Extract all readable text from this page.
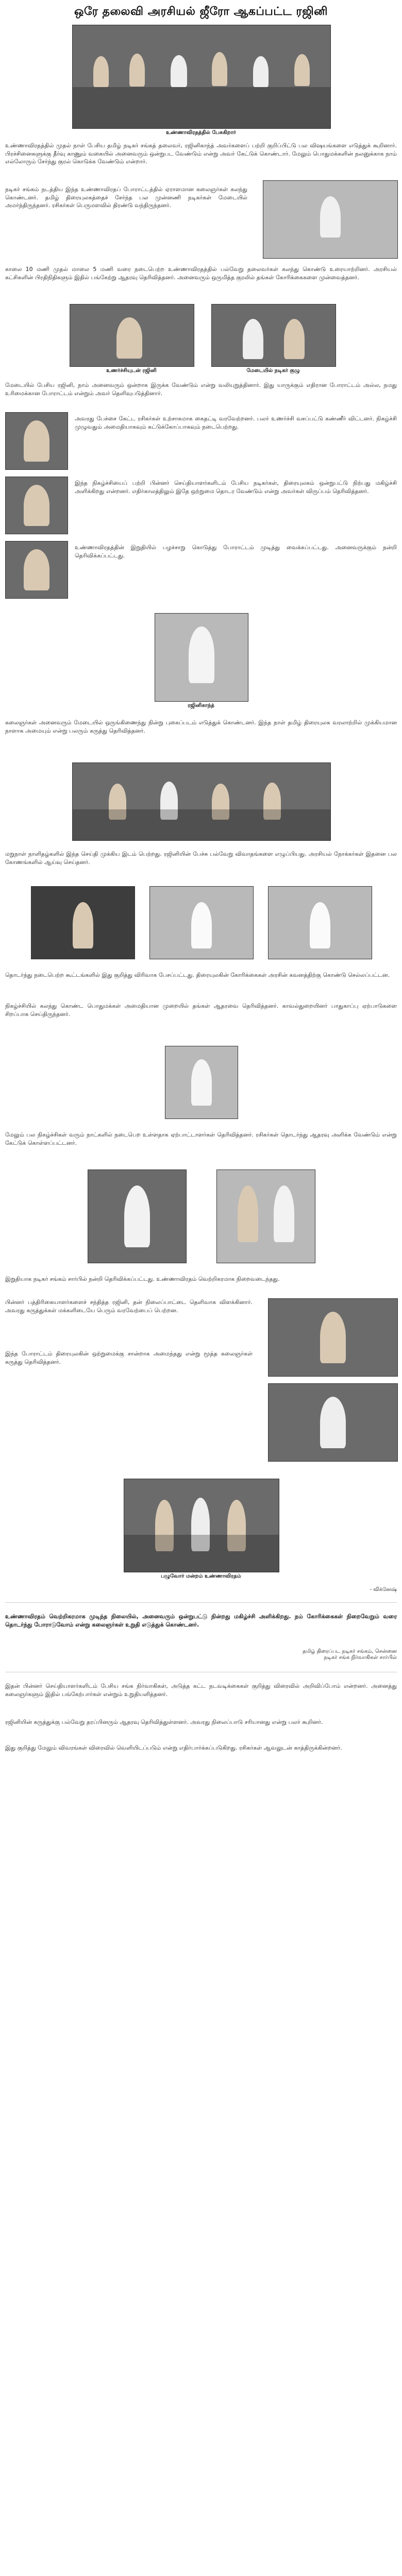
ஒரே தலைவி அரசியல் ஜீரோ ஆகப்பட்ட ரஜினி
உண்ணாவிரதத்தில் பேசுகிறார்
உண்ணாவிரதத்தில் முதல் நாள் பேசிய தமிழ் நடிகர் சங்கத் தலைவர், ரஜினிகாந்த் அவர்களைப் பற்றி குறிப்பிட்டு பல விஷயங்களை எடுத்துக் கூறினார். பிரச்சினைகளுக்கு தீர்வு காணும் வகையில் அனைவரும் ஒன்றுபட வேண்டும் என்று அவர் கேட்டுக் கொண்டார். மேலும் பொதுமக்களின் நலனுக்காக நாம் எல்லோரும் சேர்ந்து குரல் கொடுக்க வேண்டும் என்றார்.
நடிகர் சங்கம் நடத்திய இந்த உண்ணாவிரதப் போராட்டத்தில் ஏராளமான கலைஞர்கள் கலந்து கொண்டனர். தமிழ் திரையுலகத்தைச் சேர்ந்த பல முன்னணி நடிகர்கள் மேடையில் அமர்ந்திருந்தனர். ரசிகர்கள் பெருமளவில் திரண்டு வந்திருந்தனர்.
காலை 10 மணி முதல் மாலை 5 மணி வரை நடைபெற்ற உண்ணாவிரதத்தில் பல்வேறு தலைவர்கள் கலந்து கொண்டு உரையாற்றினர். அரசியல் கட்சிகளின் பிரதிநிதிகளும் இதில் பங்கேற்று ஆதரவு தெரிவித்தனர். அனைவரும் ஒருமித்த குரலில் தங்கள் கோரிக்கைகளை முன்வைத்தனர்.
உணர்ச்சியுடன் ரஜினி	மேடையில் நடிகர் குழு
மேடையில் பேசிய ரஜினி, நாம் அனைவரும் ஒன்றாக இருக்க வேண்டும் என்று வலியுறுத்தினார். இது யாருக்கும் எதிரான போராட்டம் அல்ல, நமது உரிமைக்கான போராட்டம் என்றும் அவர் தெளிவுபடுத்தினார்.
அவரது பேச்சை கேட்ட ரசிகர்கள் உற்சாகமாக கைதட்டி வரவேற்றனர். பலர் உணர்ச்சி வசப்பட்டு கண்ணீர் விட்டனர். நிகழ்ச்சி முழுவதும் அமைதியாகவும் கட்டுக்கோப்பாகவும் நடைபெற்றது.
இந்த நிகழ்ச்சியைப் பற்றி பின்னர் செய்தியாளர்களிடம் பேசிய நடிகர்கள், திரையுலகம் ஒன்றுபட்டு நிற்பது மகிழ்ச்சி அளிக்கிறது என்றனர். எதிர்காலத்திலும் இதே ஒற்றுமை தொடர வேண்டும் என்று அவர்கள் விருப்பம் தெரிவித்தனர்.
உண்ணாவிரதத்தின் இறுதியில் பழச்சாறு கொடுத்து போராட்டம் முடித்து வைக்கப்பட்டது. அனைவருக்கும் நன்றி தெரிவிக்கப்பட்டது.
ரஜினிகாந்த்
கலைஞர்கள் அனைவரும் மேடையில் ஒருங்கிணைந்து நின்று புகைப்படம் எடுத்துக் கொண்டனர். இந்த நாள் தமிழ் திரையுலக வரலாற்றில் முக்கியமான நாளாக அமையும் என்று பலரும் கருத்து தெரிவித்தனர்.
மறுநாள் நாளிதழ்களில் இந்த செய்தி முக்கிய இடம் பெற்றது. ரஜினியின் பேச்சு பல்வேறு விவாதங்களை எழுப்பியது. அரசியல் நோக்கர்கள் இதனை பல கோணங்களில் ஆய்வு செய்தனர்.
தொடர்ந்து நடைபெற்ற கூட்டங்களில் இது குறித்து விரிவாக பேசப்பட்டது. திரையுலகின் கோரிக்கைகள் அரசின் கவனத்திற்கு கொண்டு செல்லப்பட்டன.
நிகழ்ச்சியில் கலந்து கொண்ட பொதுமக்கள் அமைதியான முறையில் தங்கள் ஆதரவை தெரிவித்தனர். காவல்துறையினர் பாதுகாப்பு ஏற்பாடுகளை சிறப்பாக செய்திருந்தனர்.
மேலும் பல நிகழ்ச்சிகள் வரும் நாட்களில் நடைபெற உள்ளதாக ஏற்பாட்டாளர்கள் தெரிவித்தனர். ரசிகர்கள் தொடர்ந்து ஆதரவு அளிக்க வேண்டும் என்று கேட்டுக் கொள்ளப்பட்டனர்.
இறுதியாக நடிகர் சங்கம் சார்பில் நன்றி தெரிவிக்கப்பட்டது. உண்ணாவிரதம் வெற்றிகரமாக நிறைவடைந்தது.
பின்னர் பத்திரிகையாளர்களைச் சந்தித்த ரஜினி, தன் நிலைப்பாட்டை தெளிவாக விளக்கினார். அவரது கருத்துக்கள் மக்களிடையே பெரும் வரவேற்பைப் பெற்றன.
இந்த போராட்டம் திரையுலகின் ஒற்றுமைக்கு சான்றாக அமைந்தது என்று மூத்த கலைஞர்கள் கருத்து தெரிவித்தனர்.
பழுவோர் மன்றம் உண்ணாவிரதம்
- விக்னேஷ்
உண்ணாவிரதம் வெற்றிகரமாக முடிந்த நிலையில், அனைவரும் ஒன்றுபட்டு நின்றது மகிழ்ச்சி அளிக்கிறது. நம் கோரிக்கைகள் நிறைவேறும் வரை தொடர்ந்து போராடுவோம் என்று கலைஞர்கள் உறுதி எடுத்துக் கொண்டனர்.
தமிழ் திரைப்பட நடிகர் சங்கம், சென்னை
நடிகர் சங்க நிர்வாகிகள் சார்பில்
இதன் பின்னர் செய்தியாளர்களிடம் பேசிய சங்க நிர்வாகிகள், அடுத்த கட்ட நடவடிக்கைகள் குறித்து விரைவில் அறிவிப்போம் என்றனர். அனைத்து கலைஞர்களும் இதில் பங்கேற்பார்கள் என்றும் உறுதியளித்தனர்.
ரஜினியின் கருத்துக்கு பல்வேறு தரப்பினரும் ஆதரவு தெரிவித்துள்ளனர். அவரது நிலைப்பாடு சரியானது என்று பலர் கூறினர்.
இது குறித்து மேலும் விவரங்கள் விரைவில் வெளியிடப்படும் என்று எதிர்பார்க்கப்படுகிறது. ரசிகர்கள் ஆவலுடன் காத்திருக்கின்றனர்.
